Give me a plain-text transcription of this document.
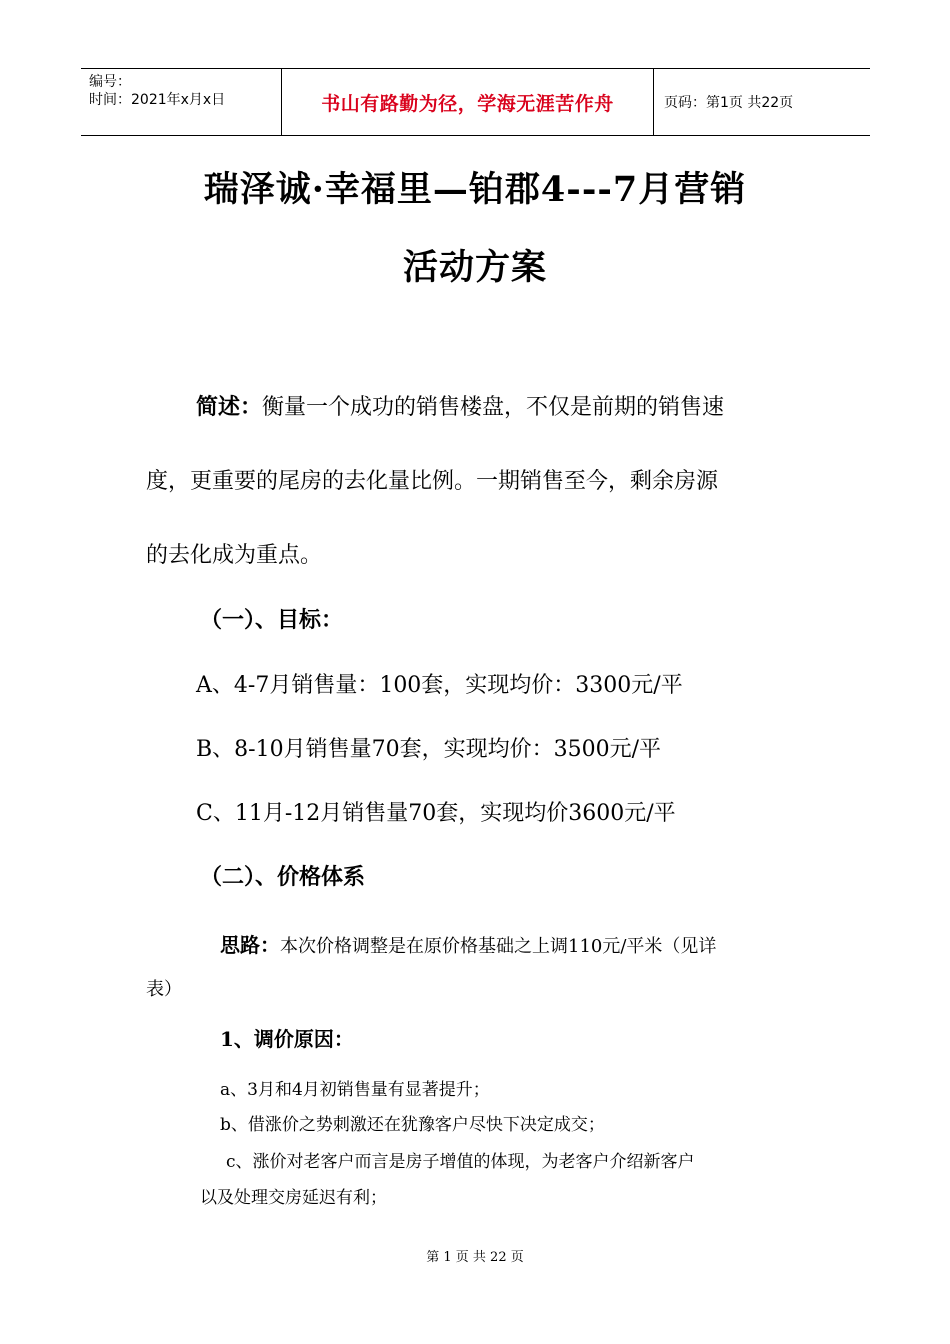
编号：
时间：2021年x月x日	书山有路勤为径，学海无涯苦作舟	页码：第1页 共22页
瑞泽诚·幸福里—铂郡4---7月营销
活动方案
简述：衡量一个成功的销售楼盘，不仅是前期的销售速
度，更重要的尾房的去化量比例。一期销售至今，剩余房源
的去化成为重点。
（一）、目标：
A、4-7月销售量：100套，实现均价：3300元/平
B、8-10月销售量70套，实现均价：3500元/平
C、11月-12月销售量70套，实现均价3600元/平
（二）、价格体系
思路：本次价格调整是在原价格基础之上调110元/平米（见详
表）
1、调价原因：
a、3月和4月初销售量有显著提升；
b、借涨价之势刺激还在犹豫客户尽快下决定成交；
c、涨价对老客户而言是房子增值的体现，为老客户介绍新客户
以及处理交房延迟有利；
第 1 页 共 22 页
